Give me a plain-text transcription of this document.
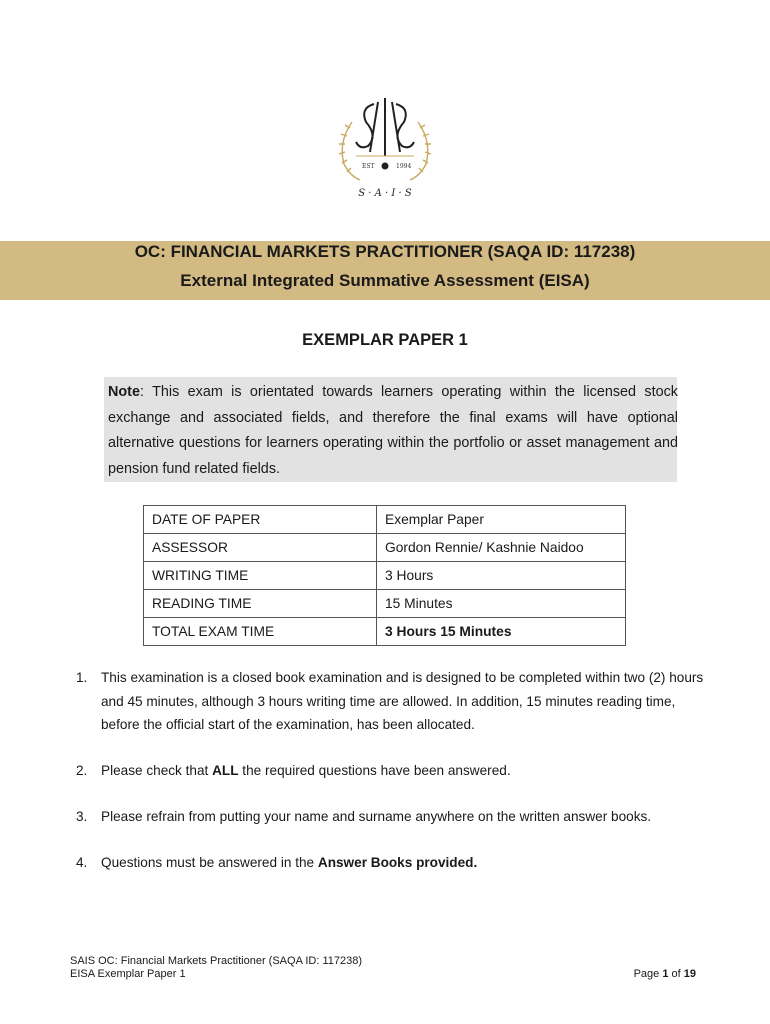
EST	1994
S · A · I · S
OC: FINANCIAL MARKETS PRACTITIONER (SAQA ID: 117238)
External Integrated Summative Assessment (EISA)
EXEMPLAR PAPER 1
Note: This exam is orientated towards learners operating within the licensed stock exchange and associated fields, and therefore the final exams will have optional alternative questions for learners operating within the portfolio or asset management and pension fund related fields.
DATE OF PAPER	Exemplar Paper
ASSESSOR	Gordon Rennie/ Kashnie Naidoo
WRITING TIME	3 Hours
READING TIME	15 Minutes
TOTAL EXAM TIME	3 Hours 15 Minutes
1. This examination is a closed book examination and is designed to be completed within two (2) hours and 45 minutes, although 3 hours writing time are allowed. In addition, 15 minutes reading time, before the official start of the examination, has been allocated.
2. Please check that ALL the required questions have been answered.
3. Please refrain from putting your name and surname anywhere on the written answer books.
4. Questions must be answered in the Answer Books provided.
SAIS OC: Financial Markets Practitioner (SAQA ID: 117238)
EISA Exemplar Paper 1	Page 1 of 19
